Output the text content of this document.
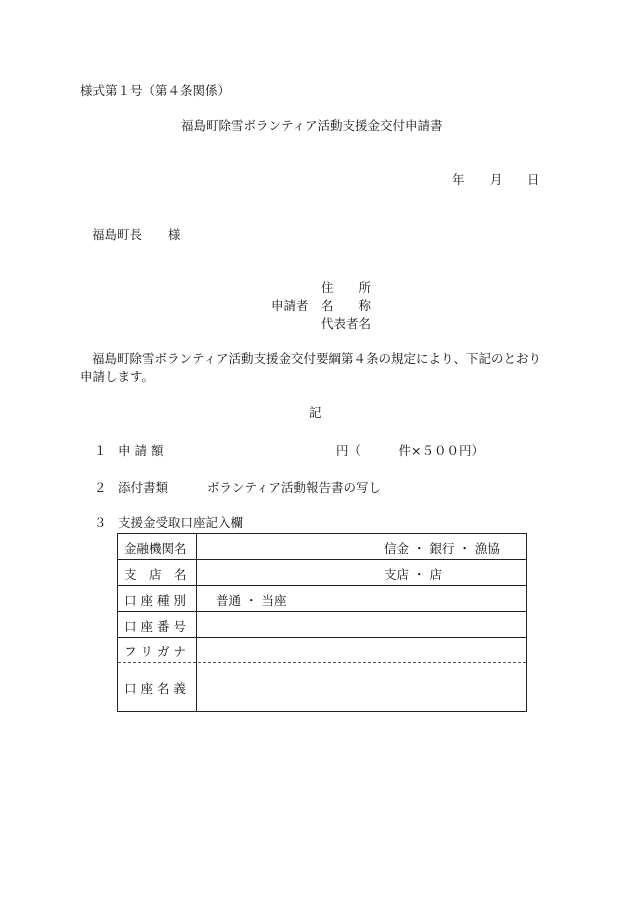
様式第１号（第４条関係）
福島町除雪ボランティア活動支援金交付申請書
年 月 日
福島町長 様
住　　所
申請者 名　　称
代表者名
福島町除雪ボランティア活動支援金交付要綱第４条の規定により、下記のとおり
申請します。
記
１ 申 請 額	円（　　　件×５００円）
２ 添付書類	ボランティア活動報告書の写し
３ 支援金受取口座記入欄
金融機関名	信金 ・ 銀行 ・ 漁協
支　店　名	支店 ・ 店
口 座 種 別 普通 ・ 当座
口 座 番 号
フ リ ガ ナ
口 座 名 義
